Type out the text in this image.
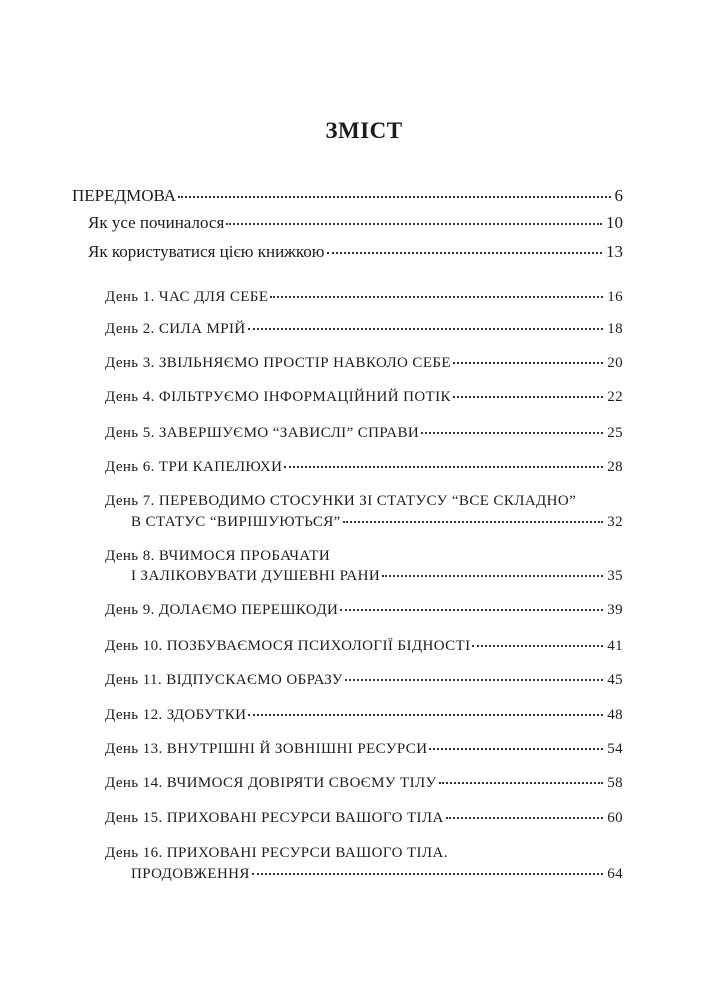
ЗМІСТ
ПЕРЕДМОВА	6
Як усе починалося	10
Як користуватися цією книжкою	13
День 1. ЧАС ДЛЯ СЕБЕ	16
День 2. СИЛА МРІЙ	18
День 3. ЗВІЛЬНЯЄМО ПРОСТІР НАВКОЛО СЕБЕ	20
День 4. ФІЛЬТРУЄМО ІНФОРМАЦІЙНИЙ ПОТІК	22
День 5. ЗАВЕРШУЄМО “ЗАВИСЛІ” СПРАВИ	25
День 6. ТРИ КАПЕЛЮХИ	28
День 7. ПЕРЕВОДИМО СТОСУНКИ ЗІ СТАТУСУ “ВСЕ СКЛАДНО”
В СТАТУС “ВИРІШУЮТЬСЯ”	32
День 8. ВЧИМОСЯ ПРОБАЧАТИ
І ЗАЛІКОВУВАТИ ДУШЕВНІ РАНИ	35
День 9. ДОЛАЄМО ПЕРЕШКОДИ	39
День 10. ПОЗБУВАЄМОСЯ ПСИХОЛОГІЇ БІДНОСТІ	41
День 11. ВІДПУСКАЄМО ОБРАЗУ	45
День 12. ЗДОБУТКИ	48
День 13. ВНУТРІШНІ Й ЗОВНІШНІ РЕСУРСИ	54
День 14. ВЧИМОСЯ ДОВІРЯТИ СВОЄМУ ТІЛУ	58
День 15. ПРИХОВАНІ РЕСУРСИ ВАШОГО ТІЛА	60
День 16. ПРИХОВАНІ РЕСУРСИ ВАШОГО ТІЛА.
ПРОДОВЖЕННЯ	64
